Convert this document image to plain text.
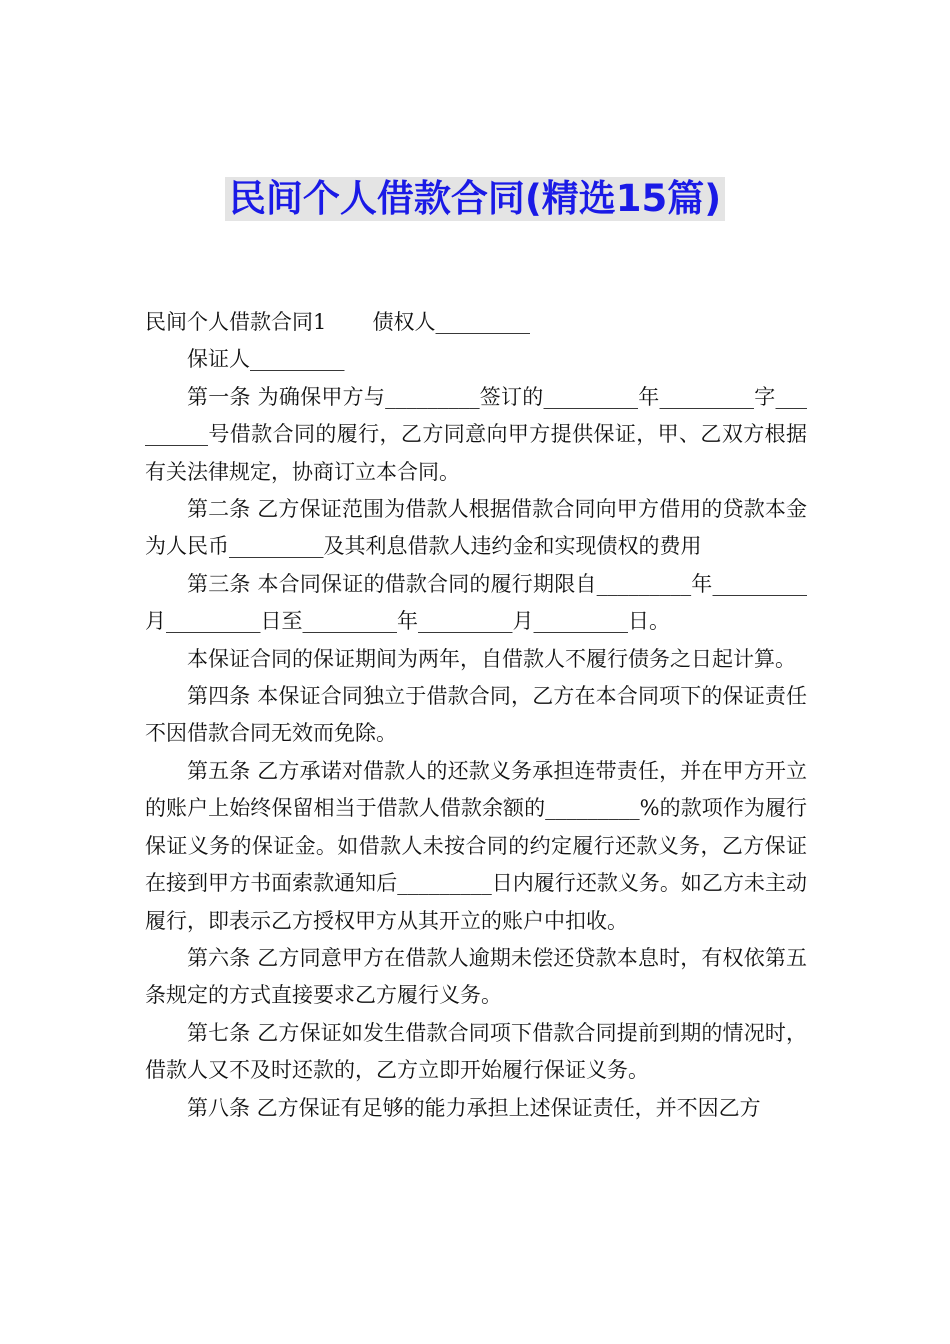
民间个人借款合同(精选15篇)

民间个人借款合同1 债权人_________

保证人_________

第一条 为确保甲方与_________签订的_________年_________字_________号借款合同的履行，乙方同意向甲方提供保证，甲、乙双方根据有关法律规定，协商订立本合同。

第二条 乙方保证范围为借款人根据借款合同向甲方借用的贷款本金为人民币_________及其利息借款人违约金和实现债权的费用

第三条 本合同保证的借款合同的履行期限自_________年_________月_________日至_________年_________月_________日。

本保证合同的保证期间为两年，自借款人不履行债务之日起计算。

第四条 本保证合同独立于借款合同，乙方在本合同项下的保证责任不因借款合同无效而免除。

第五条 乙方承诺对借款人的还款义务承担连带责任，并在甲方开立的账户上始终保留相当于借款人借款余额的_________%的款项作为履行保证义务的保证金。如借款人未按合同的约定履行还款义务，乙方保证在接到甲方书面索款通知后_________日内履行还款义务。如乙方未主动履行，即表示乙方授权甲方从其开立的账户中扣收。

第六条 乙方同意甲方在借款人逾期未偿还贷款本息时，有权依第五条规定的方式直接要求乙方履行义务。

第七条 乙方保证如发生借款合同项下借款合同提前到期的情况时，借款人又不及时还款的，乙方立即开始履行保证义务。

第八条 乙方保证有足够的能力承担上述保证责任，并不因乙方
